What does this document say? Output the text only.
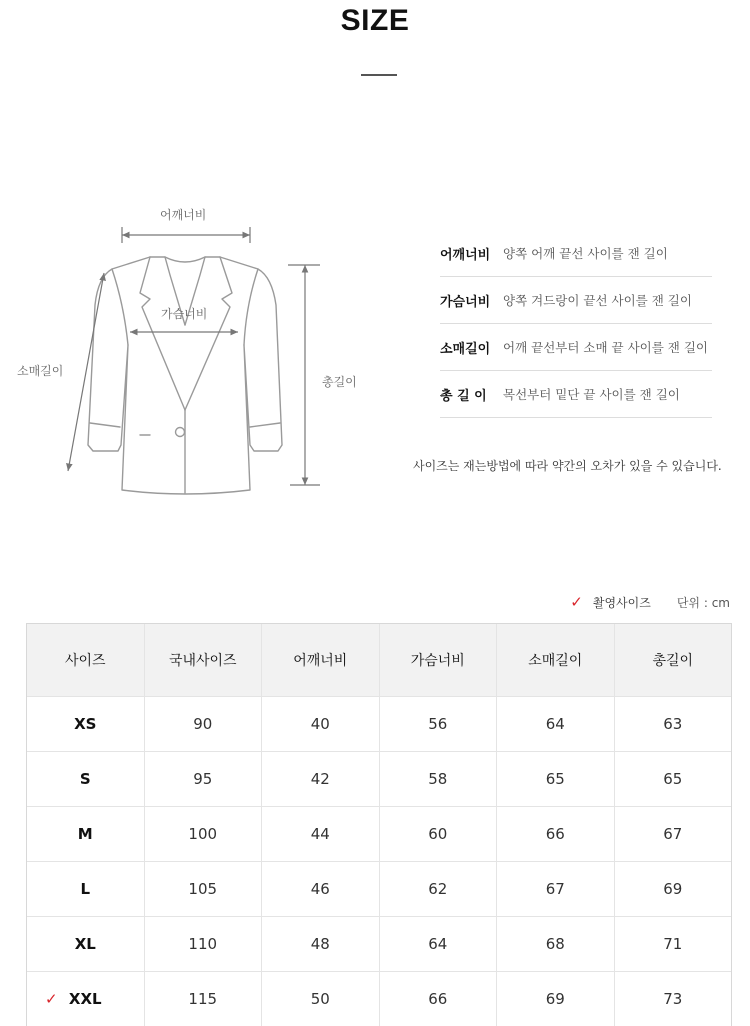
SIZE
어깨너비
가슴너비
소매길이
총길이
어깨너비	양쪽 어깨 끝선 사이를 잰 길이
가슴너비	양쪽 겨드랑이 끝선 사이를 잰 길이
소매길이	어깨 끝선부터 소매 끝 사이를 잰 길이
총 길 이	목선부터 밑단 끝 사이를 잰 길이
사이즈는 재는방법에 따라 약간의 오차가 있을 수 있습니다.
✓ 촬영사이즈 단위 : cm
사이즈	국내사이즈	어깨너비	가슴너비	소매길이	총길이
XS	90	40	56	64	63
S	95	42	58	65	65
M	100	44	60	66	67
L	105	46	62	67	69
XL	110	48	64	68	71

✓ XXL	115	50	66	69	73
